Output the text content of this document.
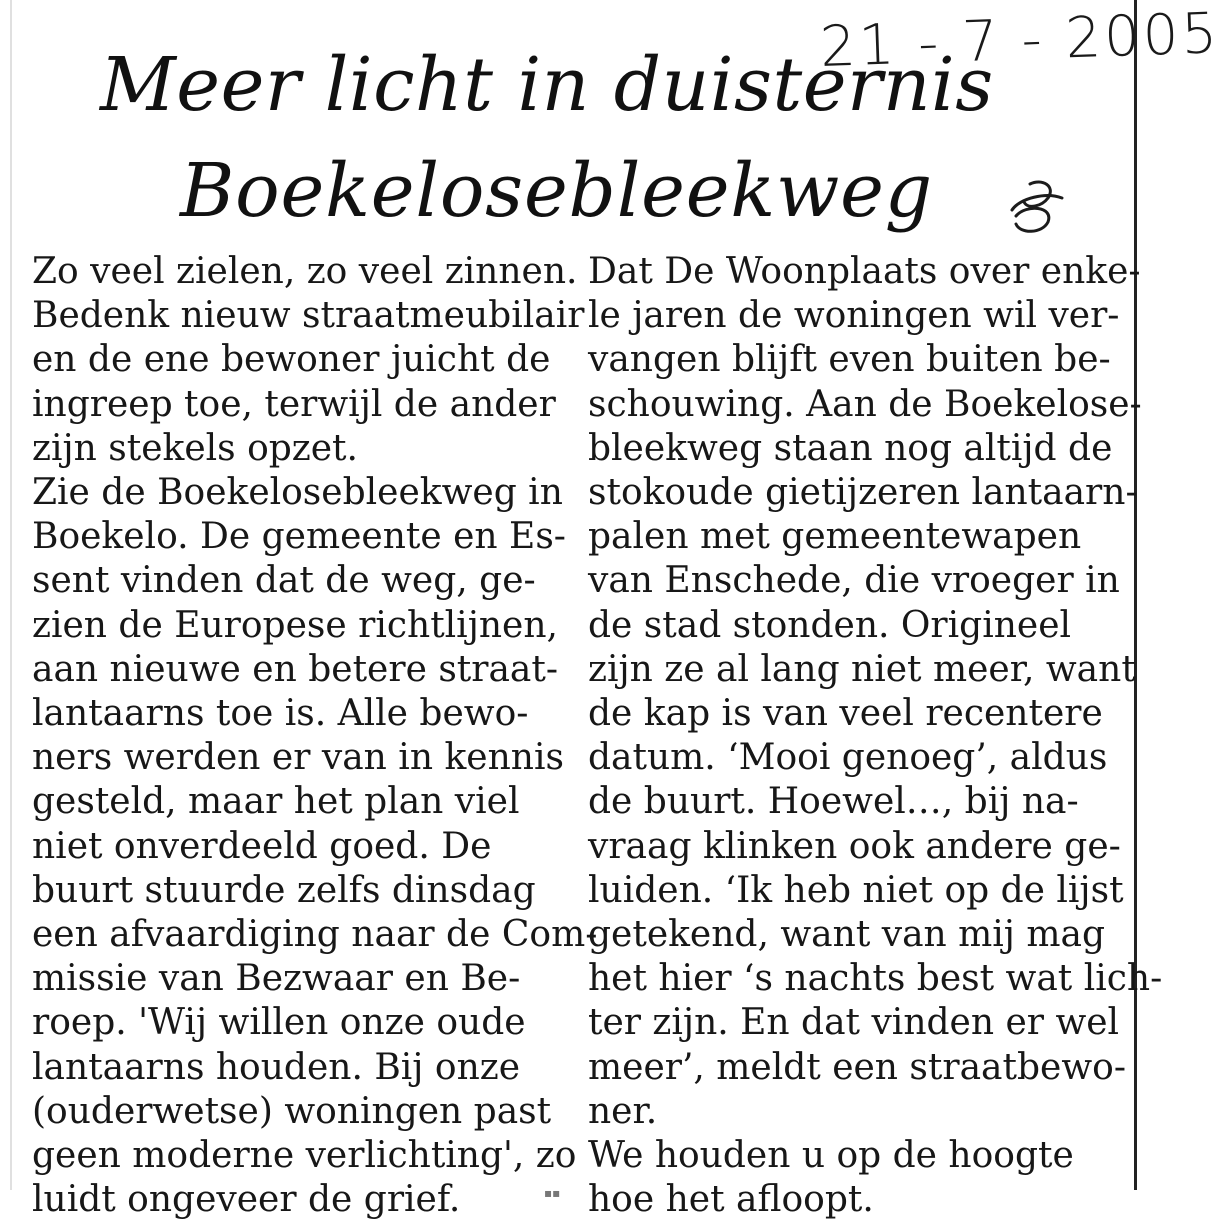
21 - 7 - 2005
Meer licht in duisternis
Boekelosebleekweg
Zo veel zielen, zo veel zinnen.
Bedenk nieuw straatmeubilair
en de ene bewoner juicht de
ingreep toe, terwijl de ander
zijn stekels opzet.
Zie de Boekelosebleekweg in
Boekelo. De gemeente en Es-
sent vinden dat de weg, ge-
zien de Europese richtlijnen,
aan nieuwe en betere straat-
lantaarns toe is. Alle bewo-
ners werden er van in kennis
gesteld, maar het plan viel
niet onverdeeld goed. De
buurt stuurde zelfs dinsdag
een afvaardiging naar de Com-
missie van Bezwaar en Be-
roep. 'Wij willen onze oude
lantaarns houden. Bij onze
(ouderwetse) woningen past
geen moderne verlichting', zo
luidt ongeveer de grief.
Dat De Woonplaats over enke-
le jaren de woningen wil ver-
vangen blijft even buiten be-
schouwing. Aan de Boekelose-
bleekweg staan nog altijd de
stokoude gietijzeren lantaarn-
palen met gemeentewapen
van Enschede, die vroeger in
de stad stonden. Origineel
zijn ze al lang niet meer, want
de kap is van veel recentere
datum. ‘Mooi genoeg’, aldus
de buurt. Hoewel…, bij na-
vraag klinken ook andere ge-
luiden. ‘Ik heb niet op de lijst
getekend, want van mij mag
het hier ‘s nachts best wat lich-
ter zijn. En dat vinden er wel
meer’, meldt een straatbewo-
ner.
We houden u op de hoogte
hoe het afloopt.
▪▪
